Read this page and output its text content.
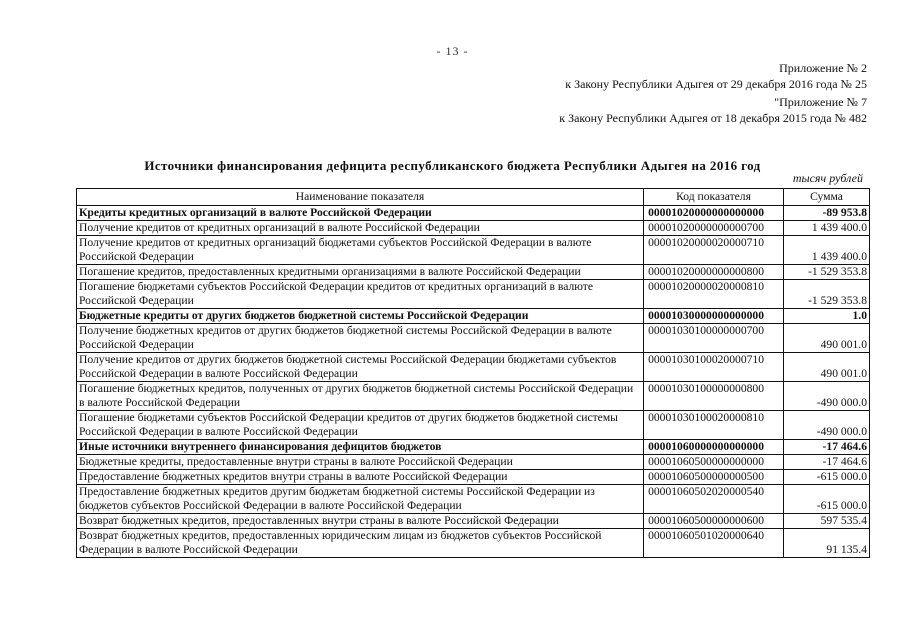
- 13 -
Приложение № 2
к Закону Республики Адыгея от 29 декабря 2016 года № 25
"Приложение № 7
к Закону Республики Адыгея от 18 декабря 2015 года № 482
Источники финансирования дефицита республиканского бюджета Республики Адыгея на 2016 год
тысяч рублей
Наименование показателя	Код показателя	Сумма
Кредиты кредитных организаций в валюте Российской Федерации	00001020000000000000	-89 953.8
Получение кредитов от кредитных организаций в валюте Российской Федерации	00001020000000000700	1 439 400.0
Получение кредитов от кредитных организаций бюджетами субъектов Российской Федерации в валюте Российской Федерации	00001020000020000710	1 439 400.0
Погашение кредитов, предоставленных кредитными организациями в валюте Российской Федерации	00001020000000000800	-1 529 353.8
Погашение бюджетами субъектов Российской Федерации кредитов от кредитных организаций в валюте Российской Федерации	00001020000020000810	-1 529 353.8
Бюджетные кредиты от других бюджетов бюджетной системы Российской Федерации	00001030000000000000	1.0
Получение бюджетных кредитов от других бюджетов бюджетной системы Российской Федерации в валюте Российской Федерации	00001030100000000700	490 001.0
Получение кредитов от других бюджетов бюджетной системы Российской Федерации бюджетами субъектов Российской Федерации в валюте Российской Федерации	00001030100020000710	490 001.0
Погашение бюджетных кредитов, полученных от других бюджетов бюджетной системы Российской Федерации в валюте Российской Федерации	00001030100000000800	-490 000.0
Погашение бюджетами субъектов Российской Федерации кредитов от других бюджетов бюджетной системы Российской Федерации в валюте Российской Федерации	00001030100020000810	-490 000.0
Иные источники внутреннего финансирования дефицитов бюджетов	00001060000000000000	-17 464.6
Бюджетные кредиты, предоставленные внутри страны в валюте Российской Федерации	00001060500000000000	-17 464.6
Предоставление бюджетных кредитов внутри страны в валюте Российской Федерации	00001060500000000500	-615 000.0
Предоставление бюджетных кредитов другим бюджетам бюджетной системы Российской Федерации из бюджетов субъектов Российской Федерации в валюте Российской Федерации	00001060502020000540	-615 000.0
Возврат бюджетных кредитов, предоставленных внутри страны в валюте Российской Федерации	00001060500000000600	597 535.4
Возврат бюджетных кредитов, предоставленных юридическим лицам из бюджетов субъектов Российской Федерации в валюте Российской Федерации	00001060501020000640	91 135.4
